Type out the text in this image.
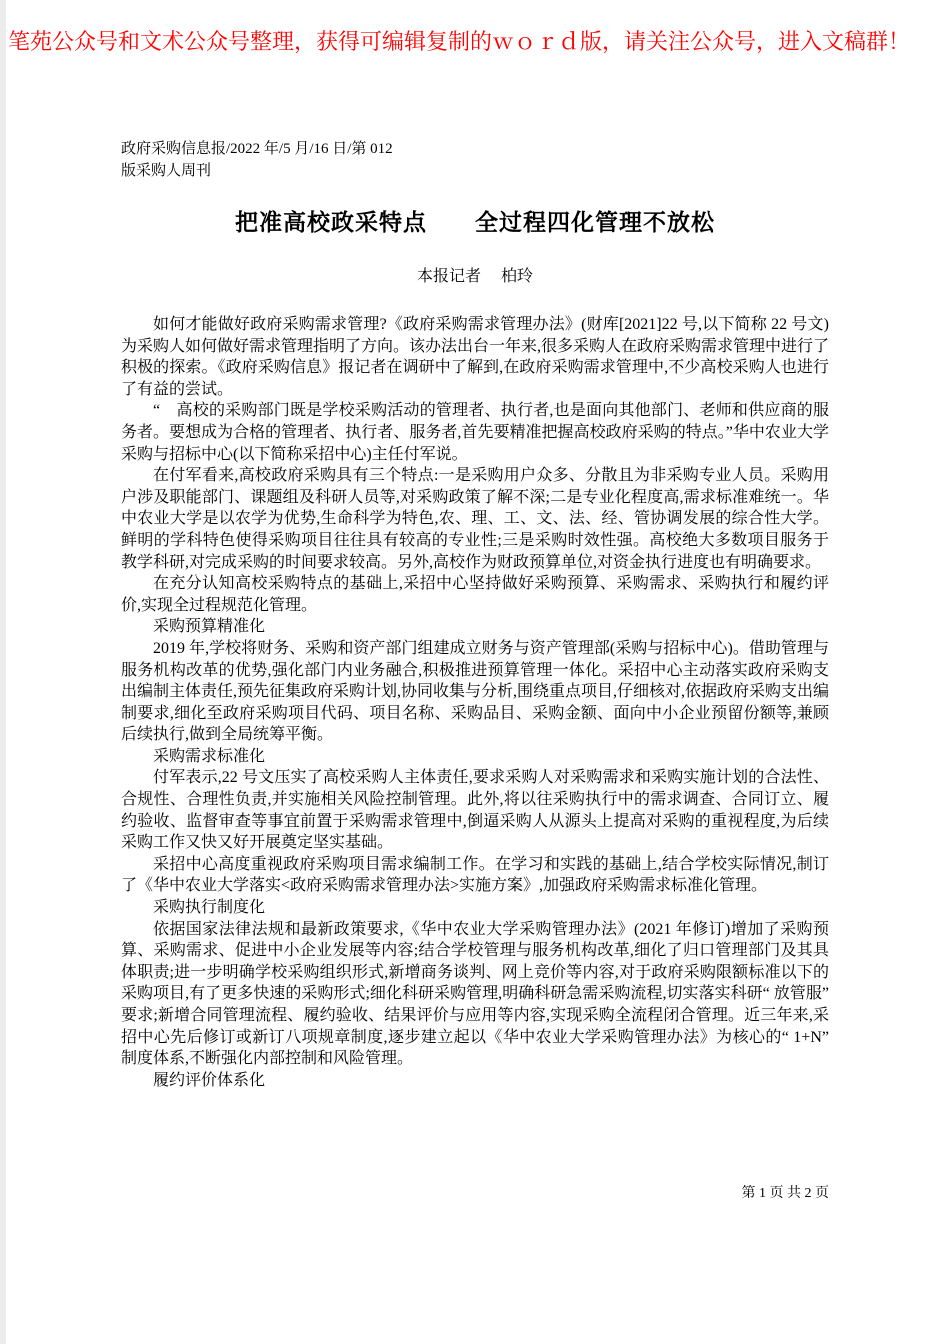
笔苑公众号和文术公众号整理，获得可编辑复制的ｗｏｒｄ版，请关注公众号，进入文稿群！

政府采购信息报/2022 年/5 月/16 日/第 012
版采购人周刊

把准高校政采特点　　全过程四化管理不放松

本报记者　 柏玲

如何才能做好政府采购需求管理?《政府采购需求管理办法》(财库[2021]22 号,以下简称 22 号文)为采购人如何做好需求管理指明了方向。该办法出台一年来,很多采购人在政府采购需求管理中进行了积极的探索。《政府采购信息》报记者在调研中了解到,在政府采购需求管理中,不少高校采购人也进行了有益的尝试。

“　高校的采购部门既是学校采购活动的管理者、执行者,也是面向其他部门、老师和供应商的服务者。要想成为合格的管理者、执行者、服务者,首先要精准把握高校政府采购的特点。”华中农业大学采购与招标中心(以下简称采招中心)主任付军说。

在付军看来,高校政府采购具有三个特点:一是采购用户众多、分散且为非采购专业人员。采购用户涉及职能部门、课题组及科研人员等,对采购政策了解不深;二是专业化程度高,需求标准难统一。华中农业大学是以农学为优势,生命科学为特色,农、理、工、文、法、经、管协调发展的综合性大学。鲜明的学科特色使得采购项目往往具有较高的专业性;三是采购时效性强。高校绝大多数项目服务于教学科研,对完成采购的时间要求较高。另外,高校作为财政预算单位,对资金执行进度也有明确要求。

在充分认知高校采购特点的基础上,采招中心坚持做好采购预算、采购需求、采购执行和履约评价,实现全过程规范化管理。

采购预算精准化

2019 年,学校将财务、采购和资产部门组建成立财务与资产管理部(采购与招标中心)。借助管理与服务机构改革的优势,强化部门内业务融合,积极推进预算管理一体化。采招中心主动落实政府采购支出编制主体责任,预先征集政府采购计划,协同收集与分析,围绕重点项目,仔细核对,依据政府采购支出编制要求,细化至政府采购项目代码、项目名称、采购品目、采购金额、面向中小企业预留份额等,兼顾后续执行,做到全局统筹平衡。

采购需求标准化

付军表示,22 号文压实了高校采购人主体责任,要求采购人对采购需求和采购实施计划的合法性、合规性、合理性负责,并实施相关风险控制管理。此外,将以往采购执行中的需求调查、合同订立、履约验收、监督审查等事宜前置于采购需求管理中,倒逼采购人从源头上提高对采购的重视程度,为后续采购工作又快又好开展奠定坚实基础。

采招中心高度重视政府采购项目需求编制工作。在学习和实践的基础上,结合学校实际情况,制订了《华中农业大学落实<政府采购需求管理办法>实施方案》,加强政府采购需求标准化管理。

采购执行制度化

依据国家法律法规和最新政策要求,《华中农业大学采购管理办法》(2021 年修订)增加了采购预算、采购需求、促进中小企业发展等内容;结合学校管理与服务机构改革,细化了归口管理部门及其具体职责;进一步明确学校采购组织形式,新增商务谈判、网上竞价等内容,对于政府采购限额标准以下的采购项目,有了更多快速的采购形式;细化科研采购管理,明确科研急需采购流程,切实落实科研“ 放管服” 要求;新增合同管理流程、履约验收、结果评价与应用等内容,实现采购全流程闭合管理。近三年来,采招中心先后修订或新订八项规章制度,逐步建立起以《华中农业大学采购管理办法》为核心的“ 1+N” 制度体系,不断强化内部控制和风险管理。

履约评价体系化

第 1 页 共 2 页
